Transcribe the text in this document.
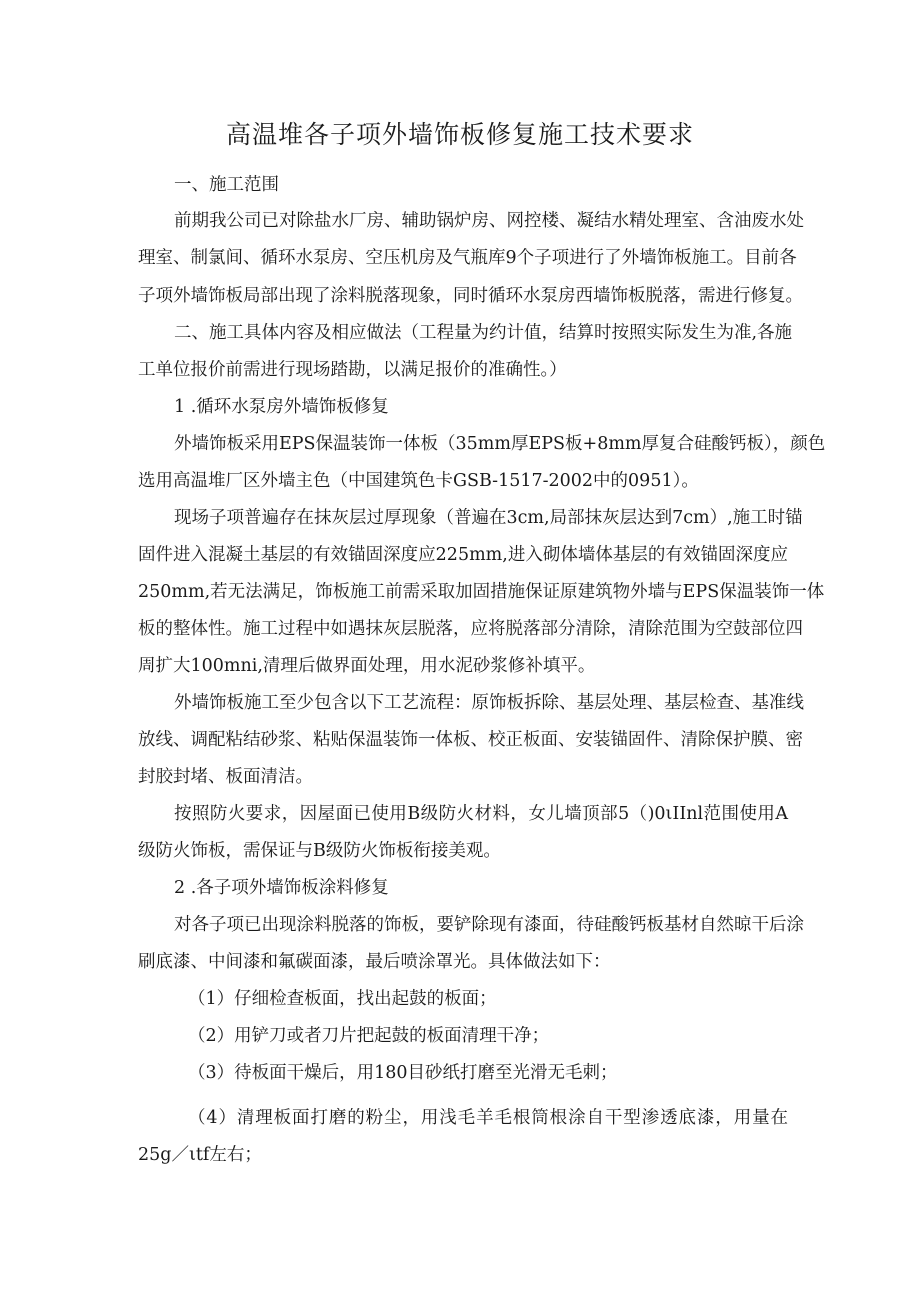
高温堆各子项外墙饰板修复施工技术要求
一、施工范围
前期我公司已对除盐水厂房、辅助锅炉房、网控楼、凝结水精处理室、含油废水处
理室、制氯间、循环水泵房、空压机房及气瓶库9个子项进行了外墙饰板施工。目前各
子项外墙饰板局部出现了涂料脱落现象，同时循环水泵房西墙饰板脱落，需进行修复。
二、施工具体内容及相应做法（工程量为约计值，结算时按照实际发生为准,各施
工单位报价前需进行现场踏勘，以满足报价的准确性。）
1 .循环水泵房外墙饰板修复
外墙饰板采用EPS保温装饰一体板（35mm厚EPS板+8mm厚复合硅酸钙板），颜色
选用高温堆厂区外墙主色（中国建筑色卡GSB-1517-2002中的0951）。
现场子项普遍存在抹灰层过厚现象（普遍在3cm,局部抹灰层达到7cm）,施工时锚
固件进入混凝土基层的有效锚固深度应225mm,进入砌体墙体基层的有效锚固深度应
250mm,若无法满足，饰板施工前需采取加固措施保证原建筑物外墙与EPS保温装饰一体
板的整体性。施工过程中如遇抹灰层脱落，应将脱落部分清除，清除范围为空鼓部位四
周扩大100mni,清理后做界面处理，用水泥砂浆修补填平。
外墙饰板施工至少包含以下工艺流程：原饰板拆除、基层处理、基层检查、基准线
放线、调配粘结砂浆、粘贴保温装饰一体板、校正板面、安装锚固件、清除保护膜、密
封胶封堵、板面清洁。
按照防火要求，因屋面已使用B级防火材料，女儿墙顶部5（)0ιIInl范围使用A
级防火饰板，需保证与B级防火饰板衔接美观。
2 .各子项外墙饰板涂料修复
对各子项已出现涂料脱落的饰板，要铲除现有漆面，待硅酸钙板基材自然晾干后涂
刷底漆、中间漆和氟碳面漆，最后喷涂罩光。具体做法如下：
（1）仔细检查板面，找出起鼓的板面；
（2）用铲刀或者刀片把起鼓的板面清理干净；
（3）待板面干燥后，用180目砂纸打磨至光滑无毛刺；
（4）清理板面打磨的粉尘，用浅毛羊毛根筒根涂自干型渗透底漆，用量在
25g／ιtf左右；
